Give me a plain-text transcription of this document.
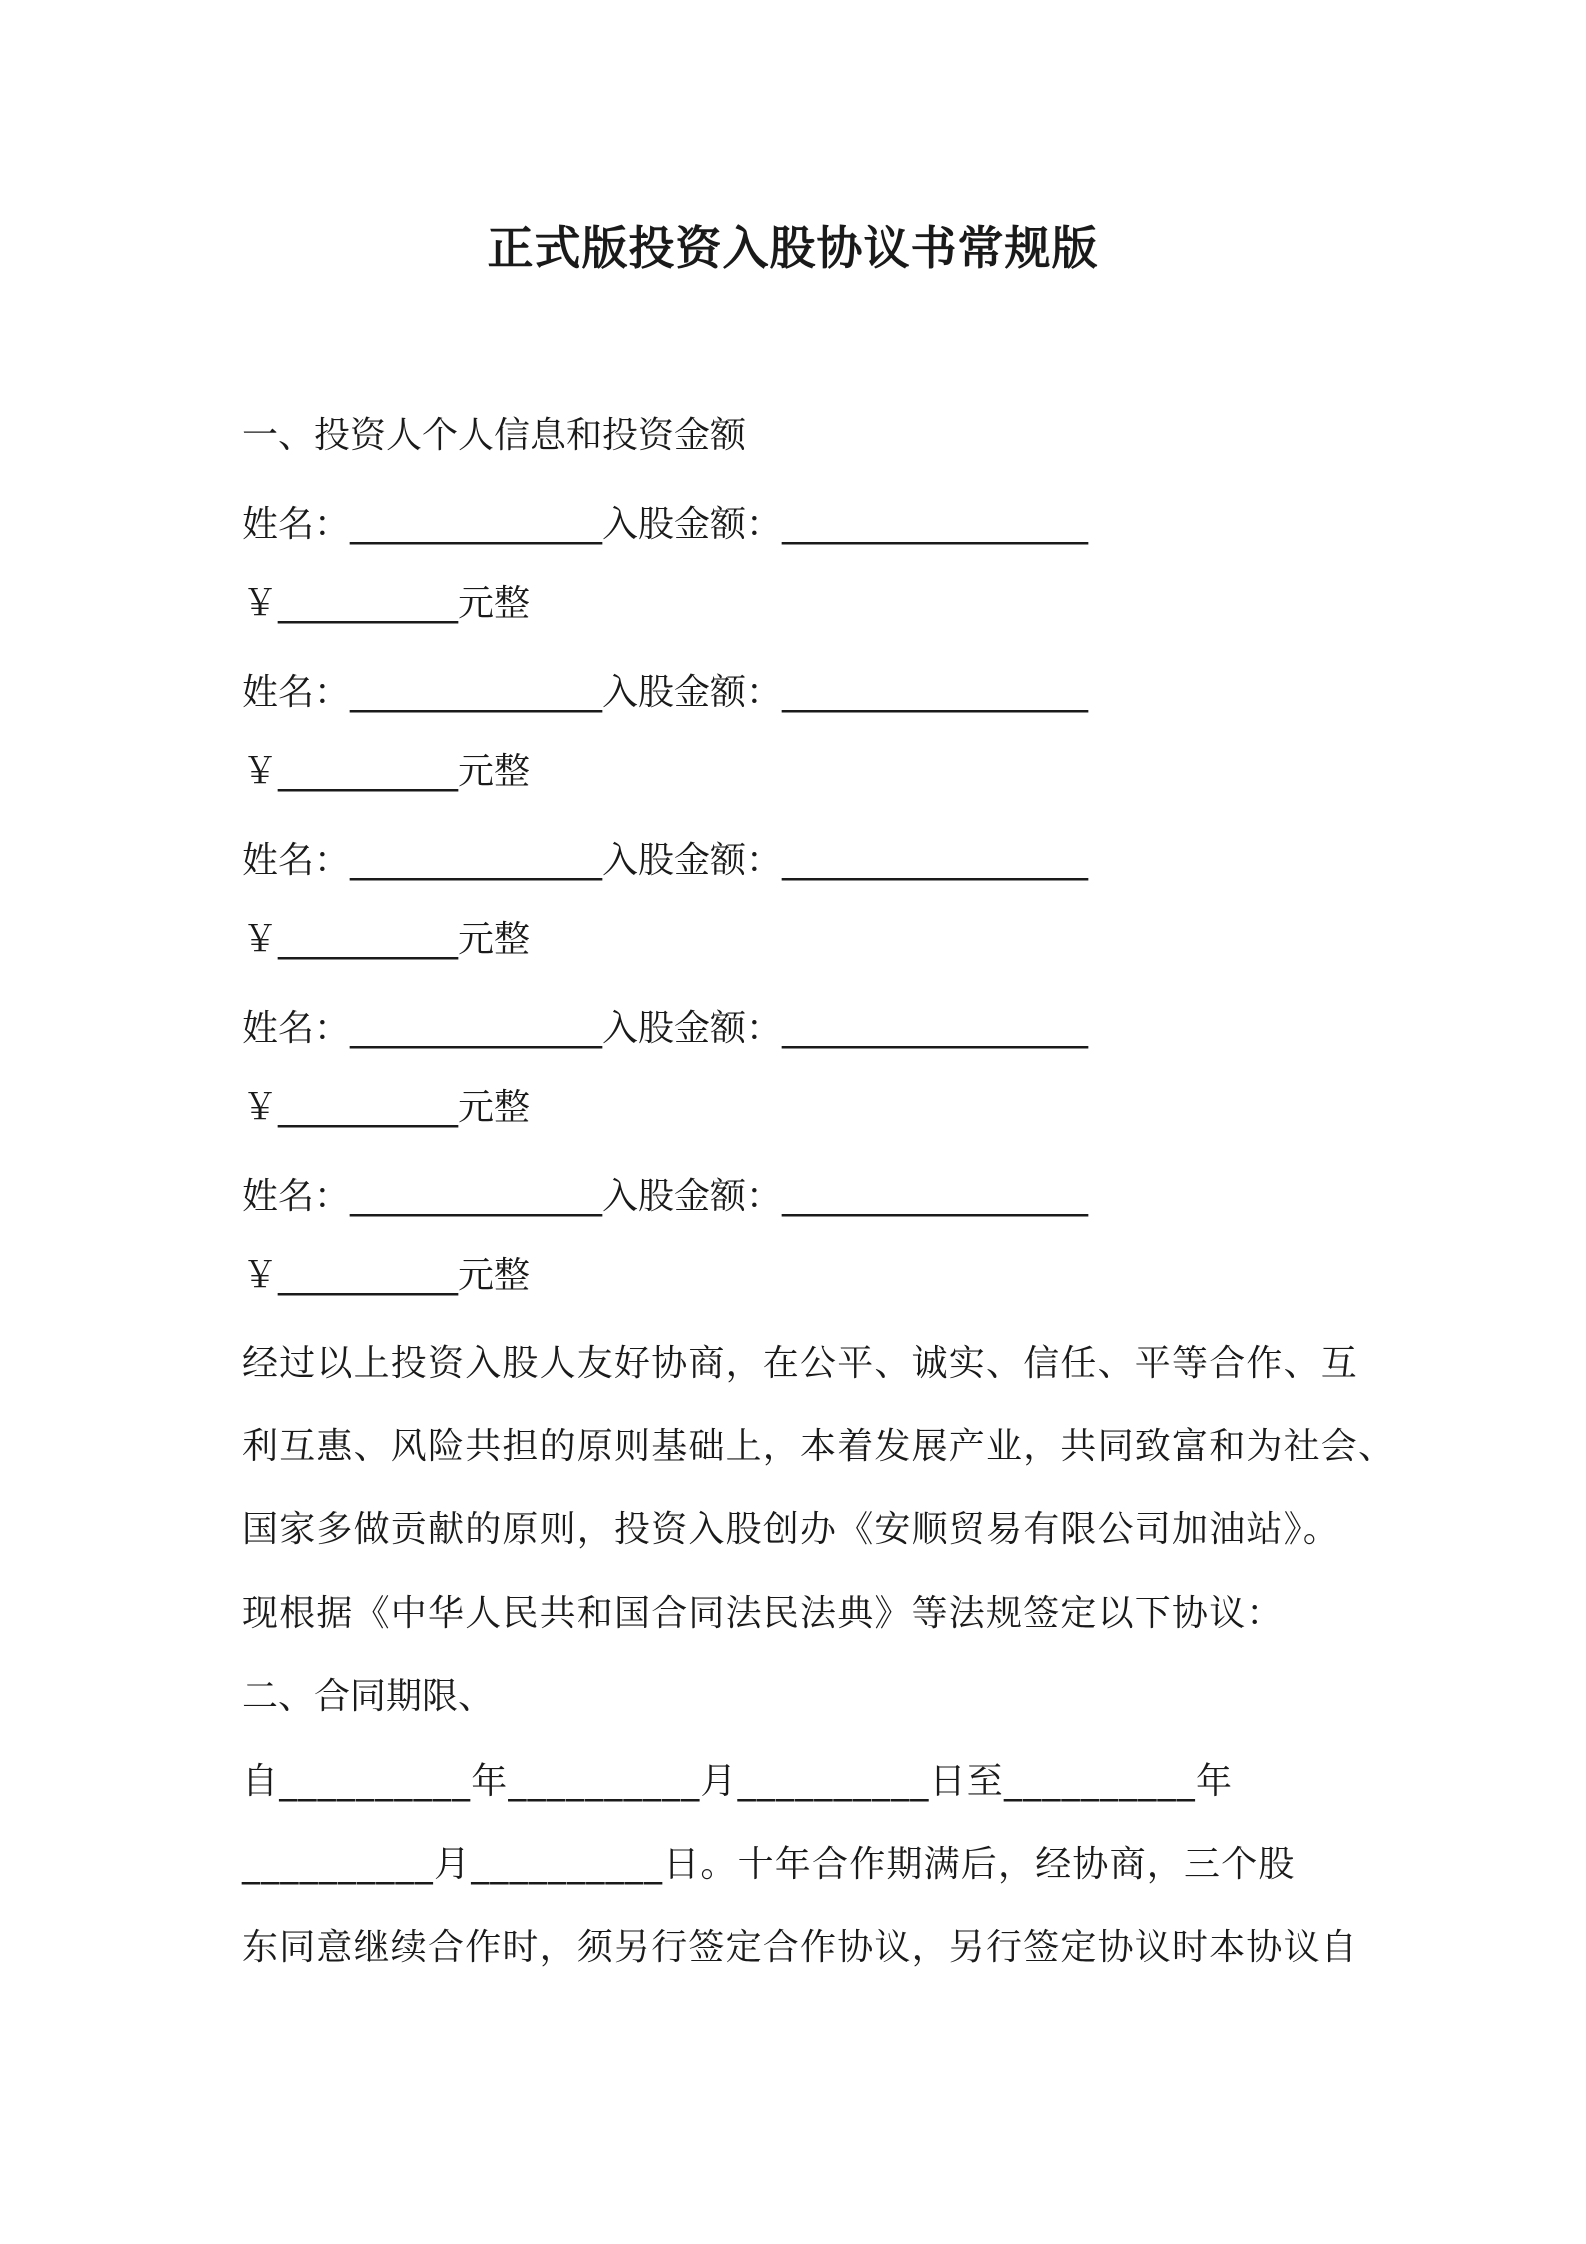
正式版投资入股协议书常规版

一、投资人个人信息和投资金额

姓名：______________入股金额：_________________

￥__________元整

姓名：______________入股金额：_________________

￥__________元整

姓名：______________入股金额：_________________

￥__________元整

姓名：______________入股金额：_________________

￥__________元整

姓名：______________入股金额：_________________

￥__________元整

经过以上投资入股人友好协商，在公平、诚实、信任、平等合作、互

利互惠、风险共担的原则基础上，本着发展产业，共同致富和为社会、

国家多做贡献的原则，投资入股创办《安顺贸易有限公司加油站》。

现根据《中华人民共和国合同法民法典》等法规签定以下协议：

二、合同期限、

自__________年__________月__________日至__________年

__________月__________日。十年合作期满后，经协商，三个股

东同意继续合作时，须另行签定合作协议，另行签定协议时本协议自
